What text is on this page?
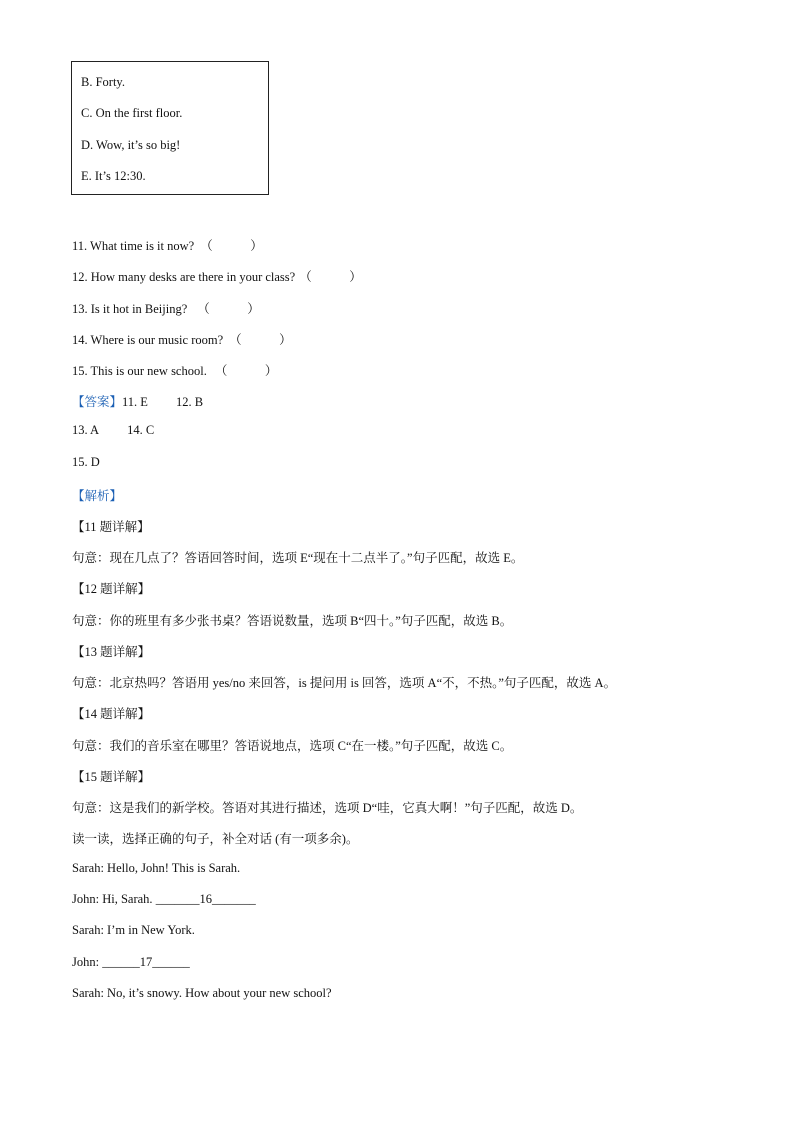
B. Forty.
C. On the first floor.
D. Wow, it’s so big!
E. It’s 12:30.
11. What time is it now? （　　　）
12. How many desks are there in your class? （　　　）
13. Is it hot in Beijing? （　　　）
14. Where is our music room? （　　　）
15. This is our new school. （　　　）
【答案】11. E 12. B
13. A 14. C
15. D
【解析】
【11 题详解】
句意：现在几点了？答语回答时间，选项 E“现在十二点半了。”句子匹配，故选 E。
【12 题详解】
句意：你的班里有多少张书桌？答语说数量，选项 B“四十。”句子匹配，故选 B。
【13 题详解】
句意：北京热吗？答语用 yes/no 来回答，is 提问用 is 回答，选项 A“不，不热。”句子匹配，故选 A。
【14 题详解】
句意：我们的音乐室在哪里？答语说地点，选项 C“在一楼。”句子匹配，故选 C。
【15 题详解】
句意：这是我们的新学校。答语对其进行描述，选项 D“哇，它真大啊！”句子匹配，故选 D。
读一读，选择正确的句子，补全对话 (有一项多余)。
Sarah: Hello, John! This is Sarah.
John: Hi, Sarah. _______16_______
Sarah: I’m in New York.
John: ______17______
Sarah: No, it’s snowy. How about your new school?
